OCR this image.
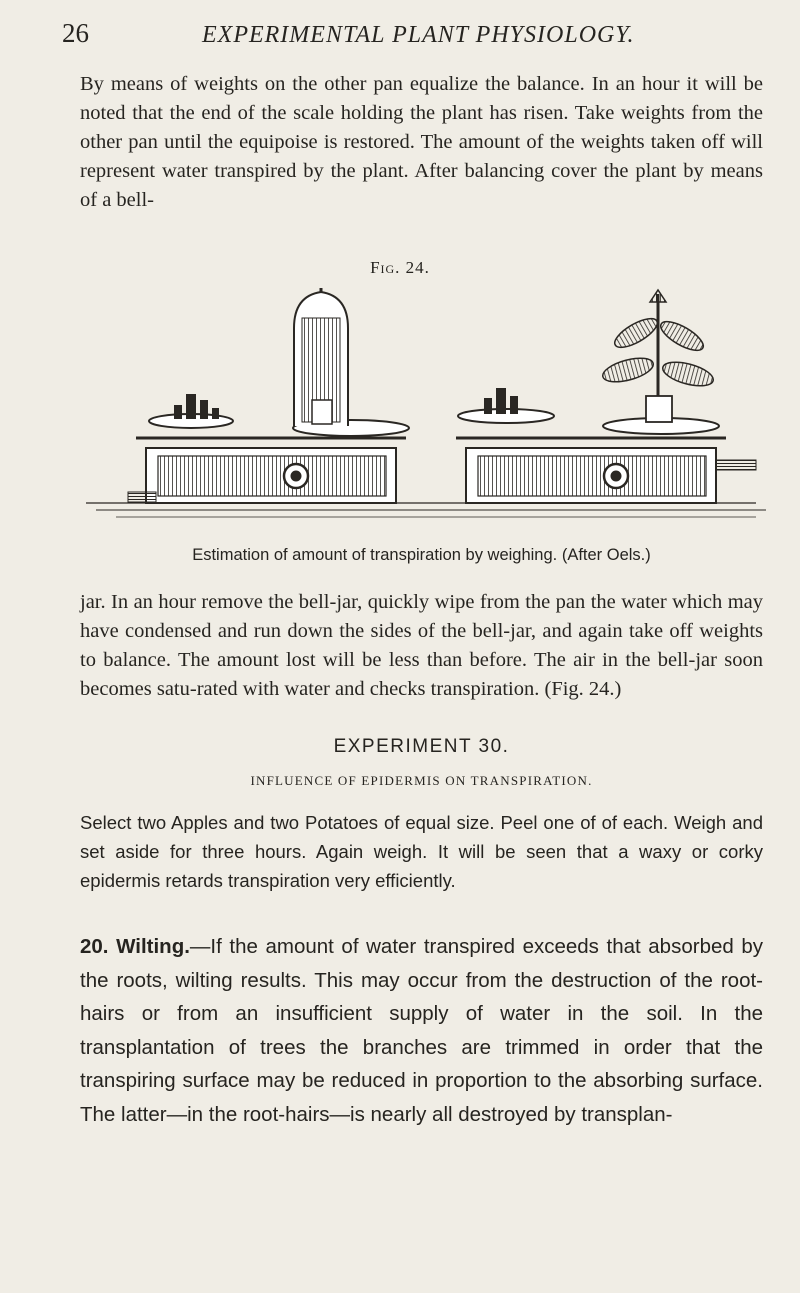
26	EXPERIMENTAL PLANT PHYSIOLOGY.

By means of weights on the other pan equalize the balance. In an hour it will be noted that the end of the scale holding the plant has risen. Take weights from the other pan until the equipoise is restored. The amount of the weights taken off will represent water transpired by the plant. After balancing cover the plant by means of a bell-

Fig. 24.
Estimation of amount of transpiration by weighing. (After Oels.)

jar. In an hour remove the bell-jar, quickly wipe from the pan the water which may have condensed and run down the sides of the bell-jar, and again take off weights to balance. The amount lost will be less than before. The air in the bell-jar soon becomes satu-rated with water and checks transpiration. (Fig. 24.)

EXPERIMENT 30.
INFLUENCE OF EPIDERMIS ON TRANSPIRATION.

Select two Apples and two Potatoes of equal size. Peel one of of each. Weigh and set aside for three hours. Again weigh. It will be seen that a waxy or corky epidermis retards transpiration very efficiently.

20. Wilting.—If the amount of water transpired exceeds that absorbed by the roots, wilting results. This may occur from the destruction of the root-hairs or from an insufficient supply of water in the soil. In the transplantation of trees the branches are trimmed in order that the transpiring surface may be reduced in proportion to the absorbing surface. The latter—in the root-hairs—is nearly all destroyed by transplan-
